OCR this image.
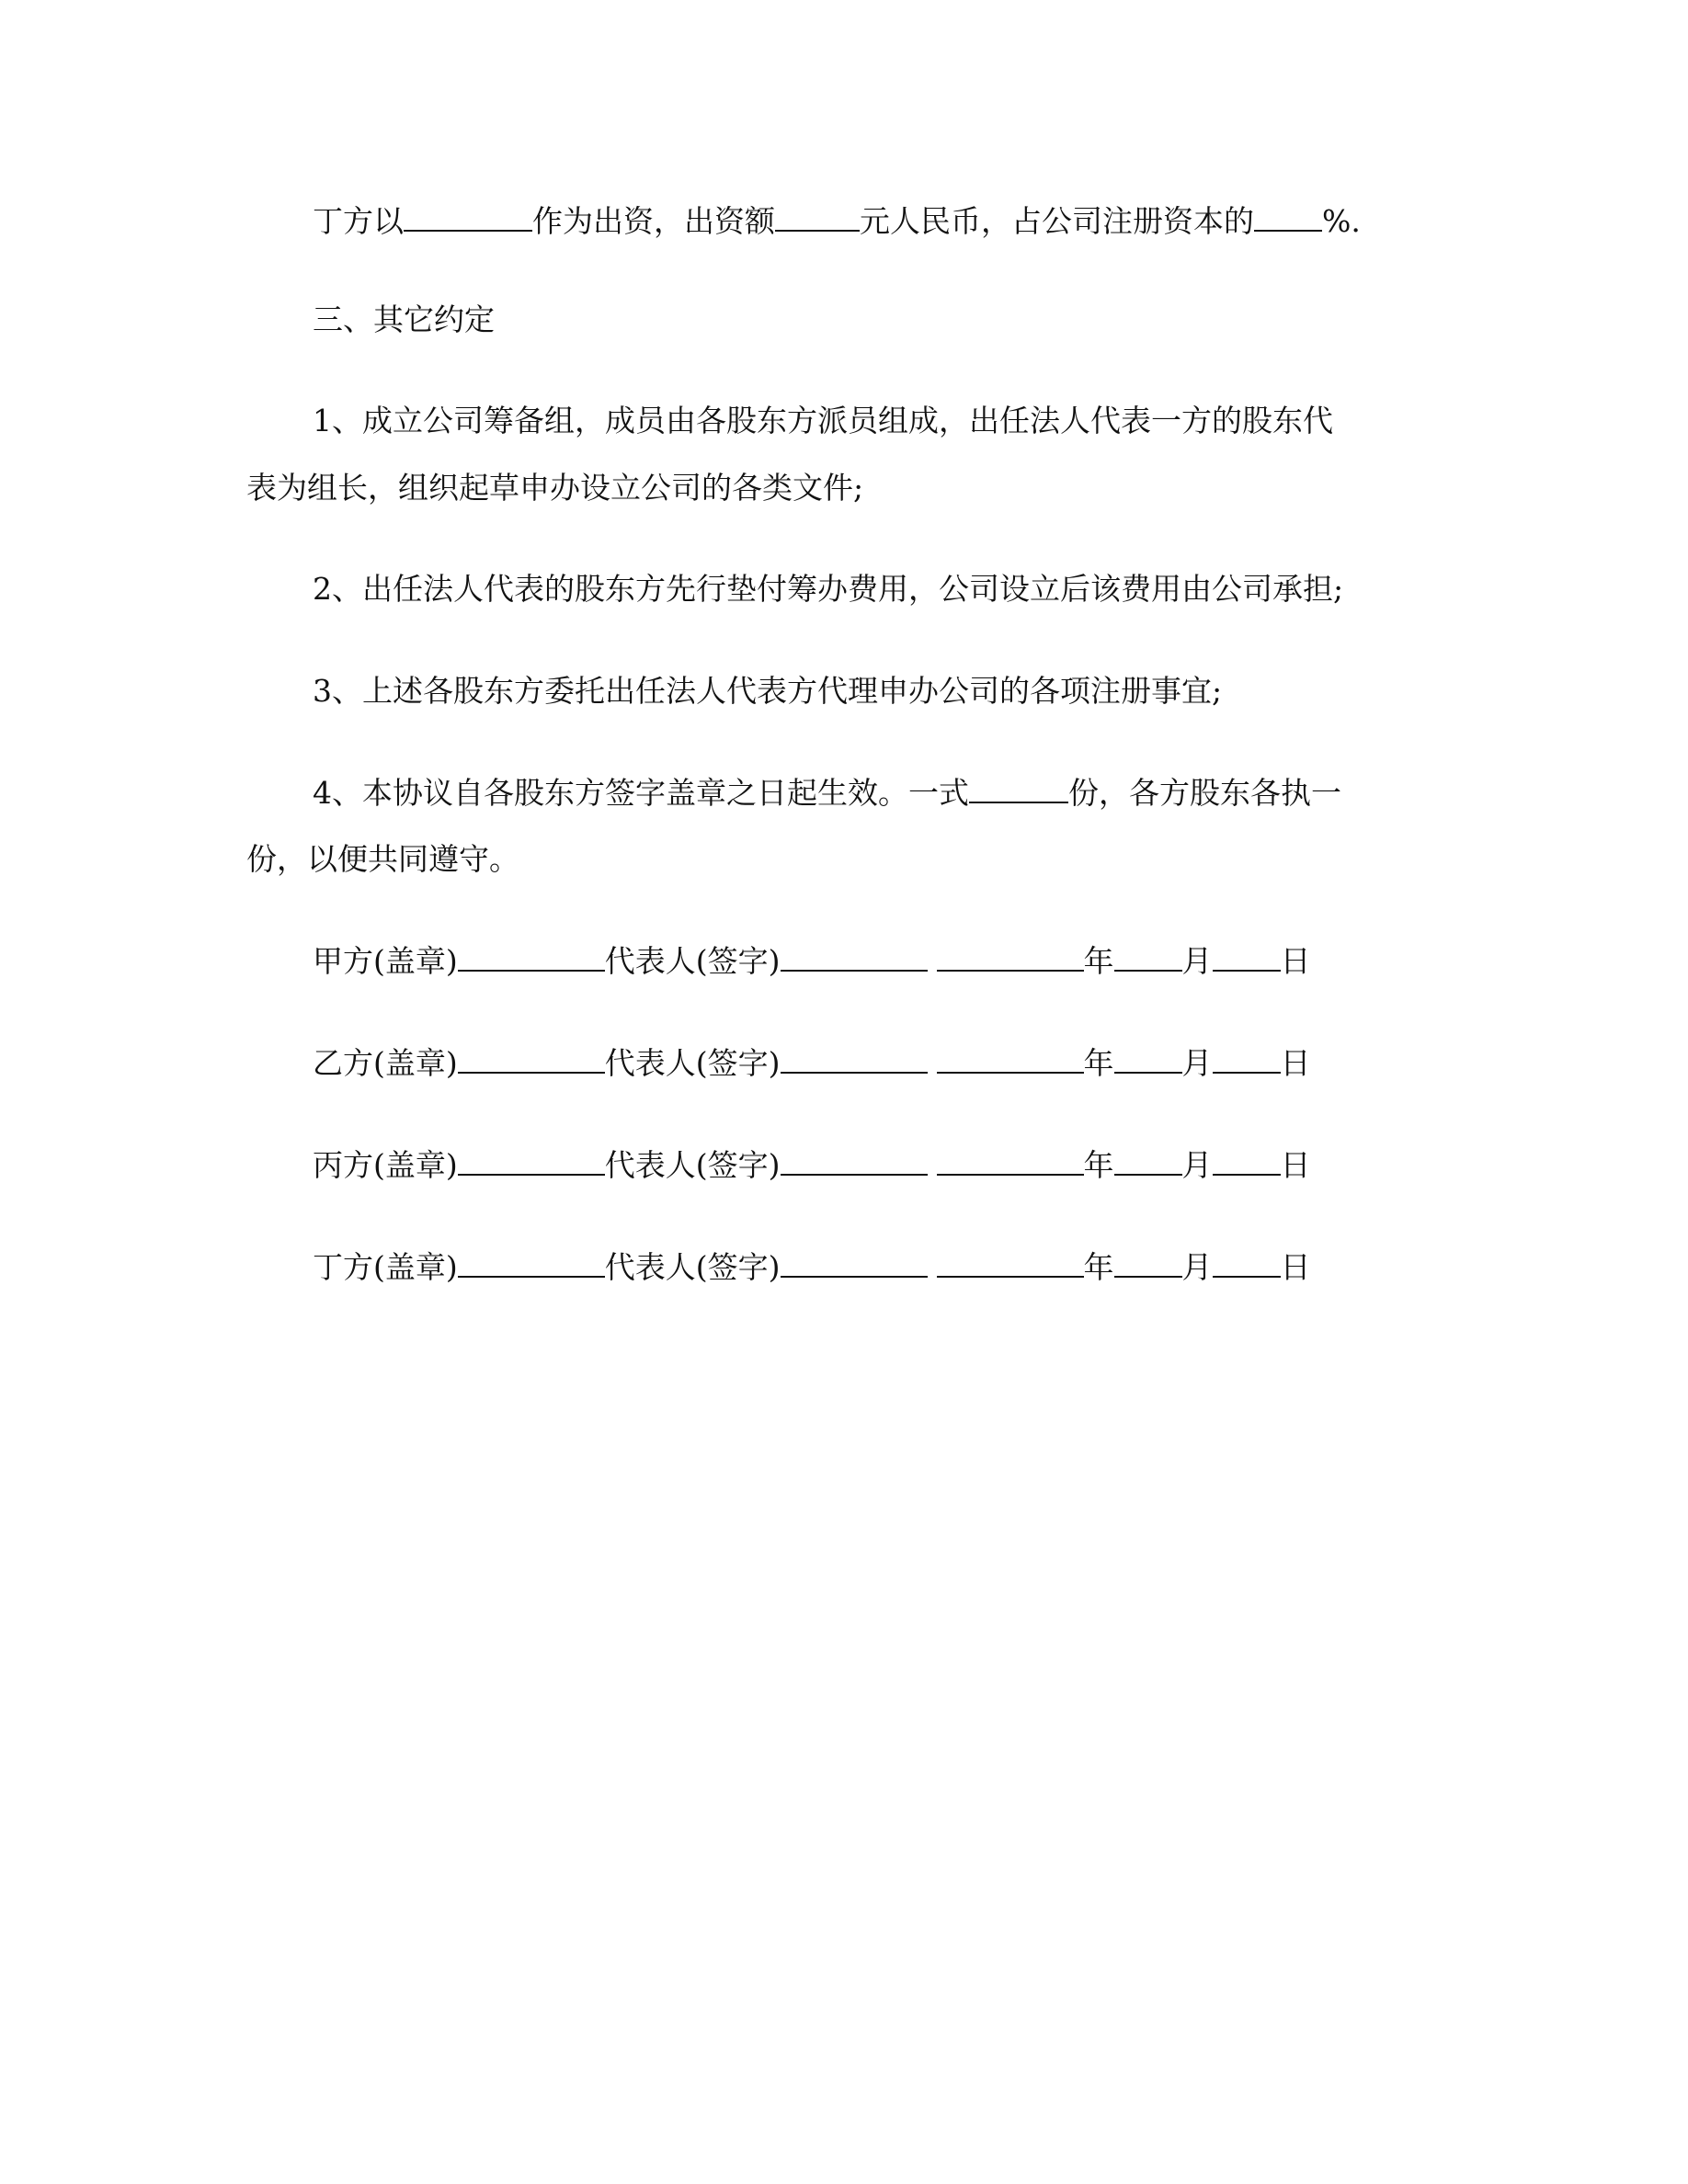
丁方以	作为出资，出资额	元人民币，占公司注册资本的 %.
三、其它约定
1、成立公司筹备组，成员由各股东方派员组成，出任法人代表一方的股东代
表为组长，组织起草申办设立公司的各类文件;
2、出任法人代表的股东方先行垫付筹办费用，公司设立后该费用由公司承担;
3、上述各股东方委托出任法人代表方代理申办公司的各项注册事宜;
4、本协议自各股东方签字盖章之日起生效。一式	份，各方股东各执一
份，以便共同遵守。
甲方(盖章)	代表人(签字)	年 月 日
乙方(盖章)	代表人(签字)	年 月 日
丙方(盖章)	代表人(签字)	年 月 日
丁方(盖章)	代表人(签字)	年 月 日
